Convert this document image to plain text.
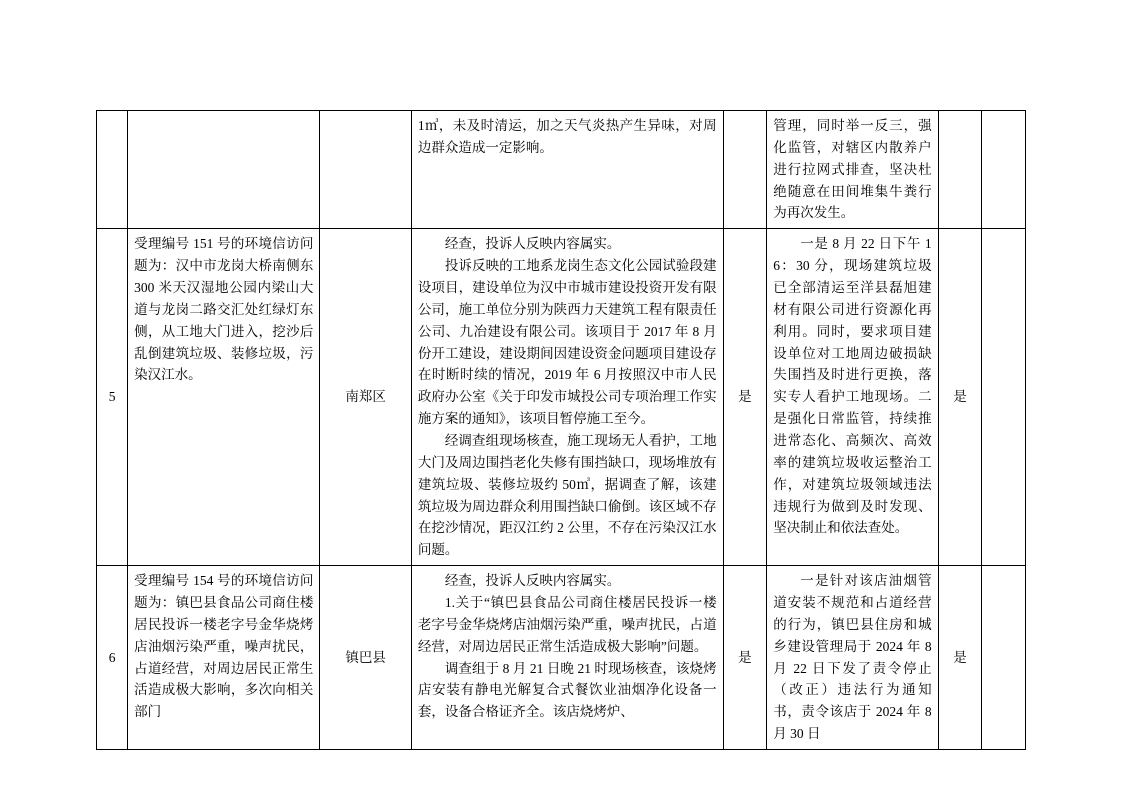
			1㎥，未及时清运，加之天气炎热产生异味，对周边群众造成一定影响。		管理，同时举一反三，强化监管，对辖区内散养户进行拉网式排查，坚决杜绝随意在田间堆集牛粪行为再次发生。		

5	受理编号 151 号的环境信访问题为：汉中市龙岗大桥南侧东 300 米天汉湿地公园内梁山大道与龙岗二路交汇处红绿灯东侧，从工地大门进入，挖沙后乱倒建筑垃圾、装修垃圾，污染汉江水。	南郑区	经查，投诉人反映内容属实。

投诉反映的工地系龙岗生态文化公园试验段建设项目，建设单位为汉中市城市建设投资开发有限公司，施工单位分别为陕西力天建筑工程有限责任公司、九冶建设有限公司。该项目于 2017 年 8 月份开工建设，建设期间因建设资金问题项目建设存在时断时续的情况，2019 年 6 月按照汉中市人民政府办公室《关于印发市城投公司专项治理工作实施方案的通知》，该项目暂停施工至今。

经调查组现场核查，施工现场无人看护，工地大门及周边围挡老化失修有围挡缺口，现场堆放有建筑垃圾、装修垃圾约 50㎥，据调查了解，该建筑垃圾为周边群众利用围挡缺口偷倒。该区域不存在挖沙情况，距汉江约 2 公里，不存在污染汉江水问题。	是	一是 8 月 22 日下午 16：30 分，现场建筑垃圾已全部清运至洋县磊旭建材有限公司进行资源化再利用。同时，要求项目建设单位对工地周边破损缺失围挡及时进行更换，落实专人看护工地现场。二是强化日常监管，持续推进常态化、高频次、高效率的建筑垃圾收运整治工作，对建筑垃圾领域违法违规行为做到及时发现、坚决制止和依法查处。	是	
6	受理编号 154 号的环境信访问题为：镇巴县食品公司商住楼居民投诉一楼老字号金华烧烤店油烟污染严重，噪声扰民，占道经营，对周边居民正常生活造成极大影响，多次向相关部门	镇巴县	经查，投诉人反映内容属实。

1.关于“镇巴县食品公司商住楼居民投诉一楼老字号金华烧烤店油烟污染严重，噪声扰民，占道经营，对周边居民正常生活造成极大影响”问题。

调查组于 8 月 21 日晚 21 时现场核查，该烧烤店安装有静电光解复合式餐饮业油烟净化设备一套，设备合格证齐全。该店烧烤炉、	是	一是针对该店油烟管道安装不规范和占道经营的行为，镇巴县住房和城乡建设管理局于 2024 年 8 月 22 日下发了责令停止（改正）违法行为通知书，责令该店于 2024 年 8 月 30 日	是	
